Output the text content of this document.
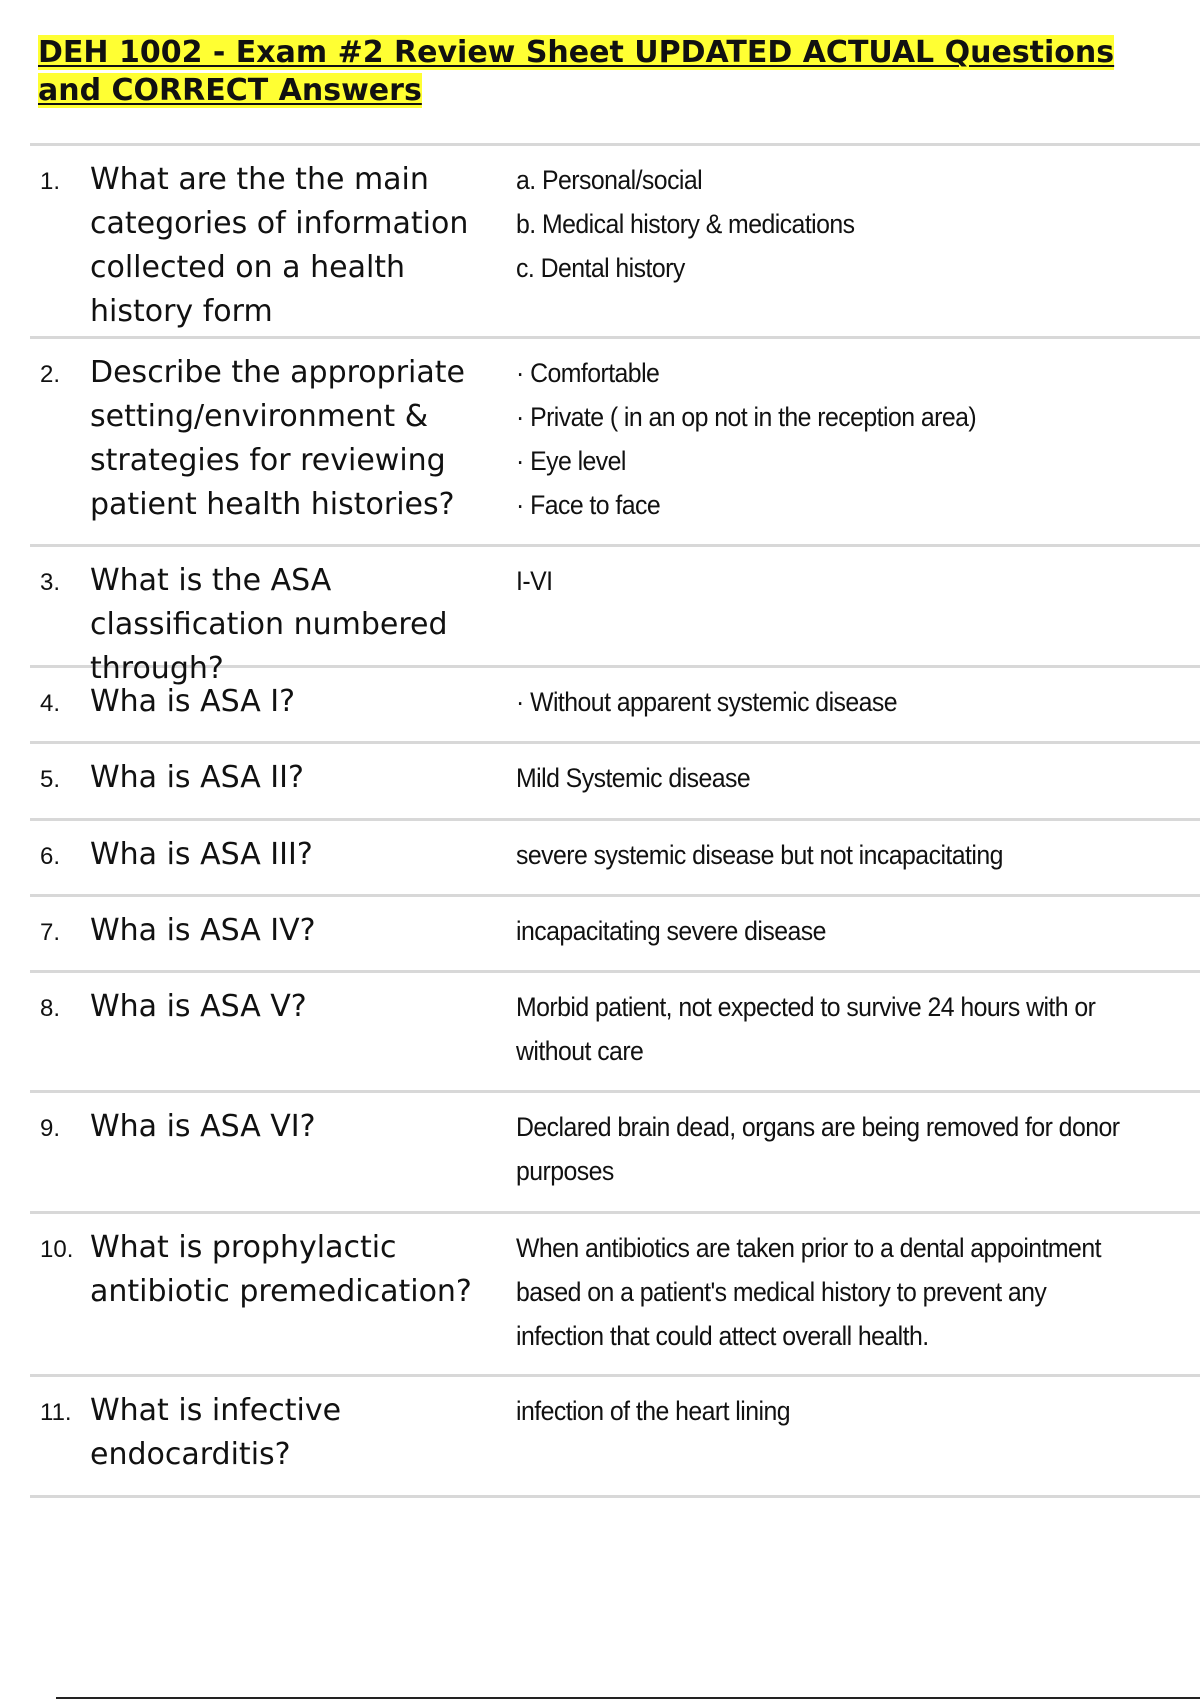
DEH 1002 - Exam #2 Review Sheet UPDATED ACTUAL Questions and CORRECT Answers
1. What are the the main categories of information collected on a health history form
a. Personal/social
b. Medical history & medications
c. Dental history
2. Describe the appropriate setting/environment & strategies for reviewing patient health histories?
· Comfortable
· Private ( in an op not in the reception area)
· Eye level
· Face to face
3. What is the ASA classification numbered through?
I-VI
4. Wha is ASA I?	· Without apparent systemic disease
5. Wha is ASA II?	Mild Systemic disease
6. Wha is ASA III?	severe systemic disease but not incapacitating
7. Wha is ASA IV?	incapacitating severe disease
8. Wha is ASA V?	Morbid patient, not expected to survive 24 hours with or without care
9. Wha is ASA VI?	Declared brain dead, organs are being removed for donor purposes
10. What is prophylactic antibiotic premedication?
When antibiotics are taken prior to a dental appointment based on a patient's medical history to prevent any infection that could attect overall health.
11. What is infective endocarditis?
infection of the heart lining
